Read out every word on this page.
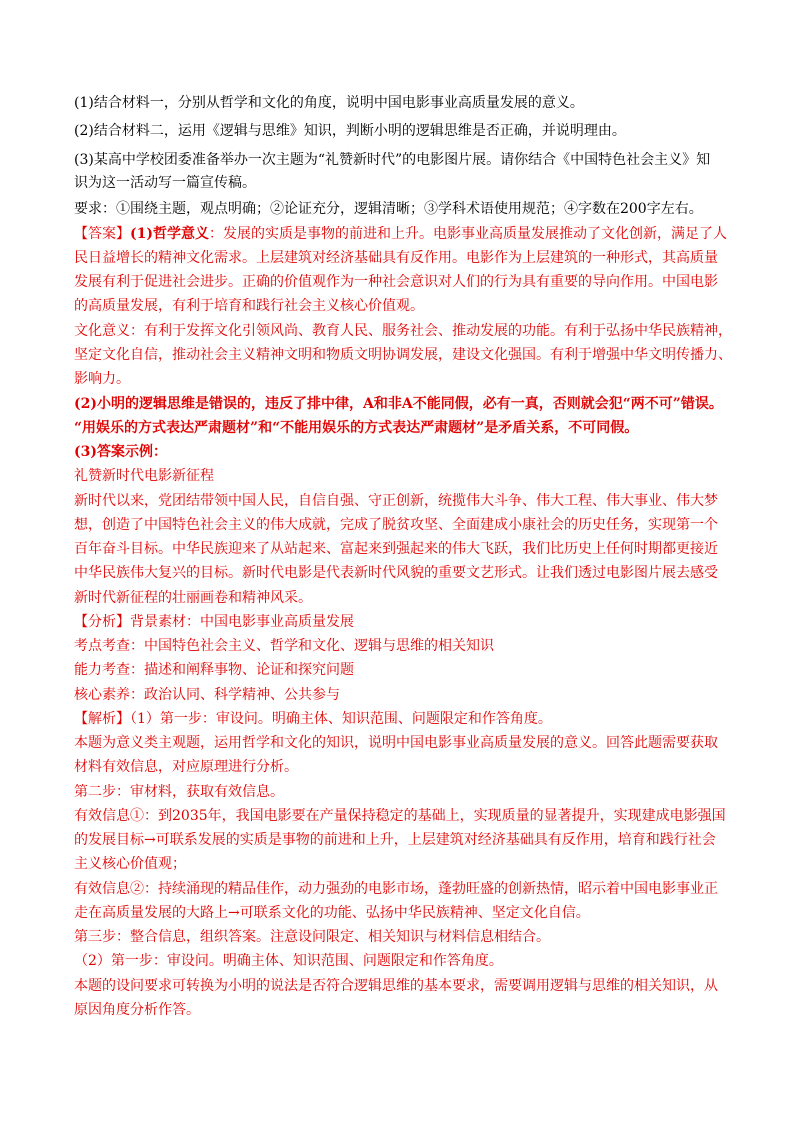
(1)结合材料一，分别从哲学和文化的角度，说明中国电影事业高质量发展的意义。
(2)结合材料二，运用《逻辑与思维》知识，判断小明的逻辑思维是否正确，并说明理由。
(3)某高中学校团委准备举办一次主题为“礼赞新时代”的电影图片展。请你结合《中国特色社会主义》知
识为这一活动写一篇宣传稿。
要求：①围绕主题，观点明确；②论证充分，逻辑清晰；③学科术语使用规范；④字数在200字左右。
【答案】(1)哲学意义：发展的实质是事物的前进和上升。电影事业高质量发展推动了文化创新，满足了人
民日益增长的精神文化需求。上层建筑对经济基础具有反作用。电影作为上层建筑的一种形式，其高质量
发展有利于促进社会进步。正确的价值观作为一种社会意识对人们的行为具有重要的导向作用。中国电影
的高质量发展，有利于培育和践行社会主义核心价值观。
文化意义：有利于发挥文化引领风尚、教育人民、服务社会、推动发展的功能。有利于弘扬中华民族精神，
坚定文化自信，推动社会主义精神文明和物质文明协调发展，建设文化强国。有利于增强中华文明传播力、
影响力。
(2)小明的逻辑思维是错误的，违反了排中律，A和非A不能同假，必有一真，否则就会犯“两不可”错误。
“用娱乐的方式表达严肃题材”和“不能用娱乐的方式表达严肃题材”是矛盾关系，不可同假。
(3)答案示例：
礼赞新时代电影新征程
新时代以来，党团结带领中国人民，自信自强、守正创新，统揽伟大斗争、伟大工程、伟大事业、伟大梦
想，创造了中国特色社会主义的伟大成就，完成了脱贫攻坚、全面建成小康社会的历史任务，实现第一个
百年奋斗目标。中华民族迎来了从站起来、富起来到强起来的伟大飞跃，我们比历史上任何时期都更接近
中华民族伟大复兴的目标。新时代电影是代表新时代风貌的重要文艺形式。让我们透过电影图片展去感受
新时代新征程的壮丽画卷和精神风采。
【分析】背景素材：中国电影事业高质量发展
考点考查：中国特色社会主义、哲学和文化、逻辑与思维的相关知识
能力考查：描述和阐释事物、论证和探究问题
核心素养：政治认同、科学精神、公共参与
【解析】（1）第一步：审设问。明确主体、知识范围、问题限定和作答角度。
本题为意义类主观题，运用哲学和文化的知识，说明中国电影事业高质量发展的意义。回答此题需要获取
材料有效信息，对应原理进行分析。
第二步：审材料，获取有效信息。
有效信息①：到2035年，我国电影要在产量保持稳定的基础上，实现质量的显著提升，实现建成电影强国
的发展目标→可联系发展的实质是事物的前进和上升，上层建筑对经济基础具有反作用，培育和践行社会
主义核心价值观；
有效信息②：持续涌现的精品佳作，动力强劲的电影市场，蓬勃旺盛的创新热情，昭示着中国电影事业正
走在高质量发展的大路上→可联系文化的功能、弘扬中华民族精神、坚定文化自信。
第三步：整合信息，组织答案。注意设问限定、相关知识与材料信息相结合。
（2）第一步：审设问。明确主体、知识范围、问题限定和作答角度。
本题的设问要求可转换为小明的说法是否符合逻辑思维的基本要求，需要调用逻辑与思维的相关知识，从
原因角度分析作答。
